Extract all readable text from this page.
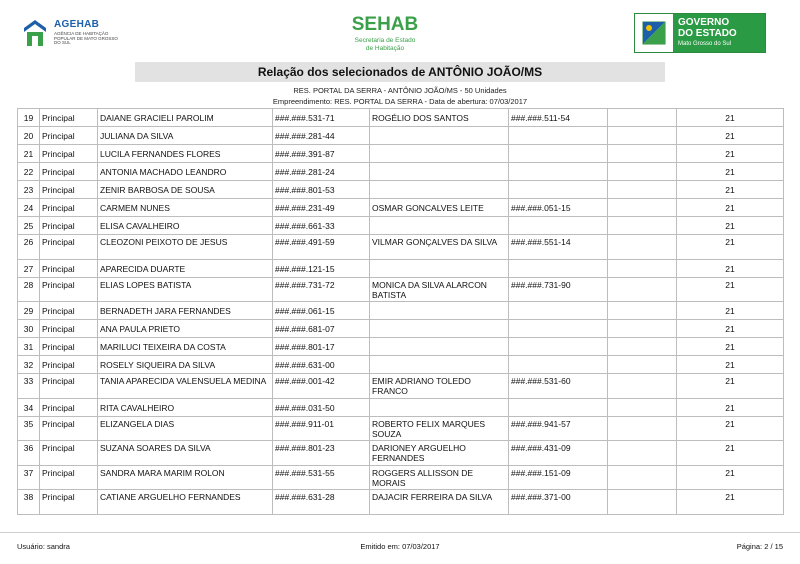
AGEHAB
AGÊNCIA DE HABITAÇÃO POPULAR DE MATO GROSSO DO SUL
SEHAB
Secretaria de Estado
de Habitação
GOVERNO
DO ESTADO
Mato Grosso do Sul
Relação dos selecionados de ANTÔNIO JOÃO/MS
RES. PORTAL DA SERRA - ANTÔNIO JOÃO/MS - 50 Unidades
Empreendimento: RES. PORTAL DA SERRA - Data de abertura: 07/03/2017
19	Principal	DAIANE GRACIELI PAROLIM	###.###.531-71	ROGÉLIO DOS SANTOS	###.###.511-54		21
20	Principal	JULIANA DA SILVA	###.###.281-44				21
21	Principal	LUCILA FERNANDES FLORES	###.###.391-87				21
22	Principal	ANTONIA MACHADO LEANDRO	###.###.281-24				21
23	Principal	ZENIR BARBOSA DE SOUSA	###.###.801-53				21
24	Principal	CARMEM NUNES	###.###.231-49	OSMAR GONCALVES LEITE	###.###.051-15		21
25	Principal	ELISA CAVALHEIRO	###.###.661-33				21
26	Principal	CLEOZONI PEIXOTO DE JESUS	###.###.491-59	VILMAR GONÇALVES DA SILVA	###.###.551-14		21
27	Principal	APARECIDA DUARTE	###.###.121-15				21
28	Principal	ELIAS LOPES BATISTA	###.###.731-72	MONICA DA SILVA ALARCON BATISTA	###.###.731-90		21
29	Principal	BERNADETH JARA FERNANDES	###.###.061-15				21
30	Principal	ANA PAULA PRIETO	###.###.681-07				21
31	Principal	MARILUCI TEIXEIRA DA COSTA	###.###.801-17				21
32	Principal	ROSELY SIQUEIRA DA SILVA	###.###.631-00				21
33	Principal	TANIA APARECIDA VALENSUELA MEDINA	###.###.001-42	EMIR ADRIANO TOLEDO FRANCO	###.###.531-60		21
34	Principal	RITA CAVALHEIRO	###.###.031-50				21
35	Principal	ELIZANGELA DIAS	###.###.911-01	ROBERTO FELIX MARQUES SOUZA	###.###.941-57		21
36	Principal	SUZANA SOARES DA SILVA	###.###.801-23	DARIONEY ARGUELHO FERNANDES	###.###.431-09		21
37	Principal	SANDRA MARA MARIM ROLON	###.###.531-55	ROGGERS ALLISSON DE MORAIS	###.###.151-09		21
38	Principal	CATIANE ARGUELHO FERNANDES	###.###.631-28	DAJACIR FERREIRA DA SILVA	###.###.371-00		21
Usuário: sandra	Emitido em: 07/03/2017	Página: 2 / 15
